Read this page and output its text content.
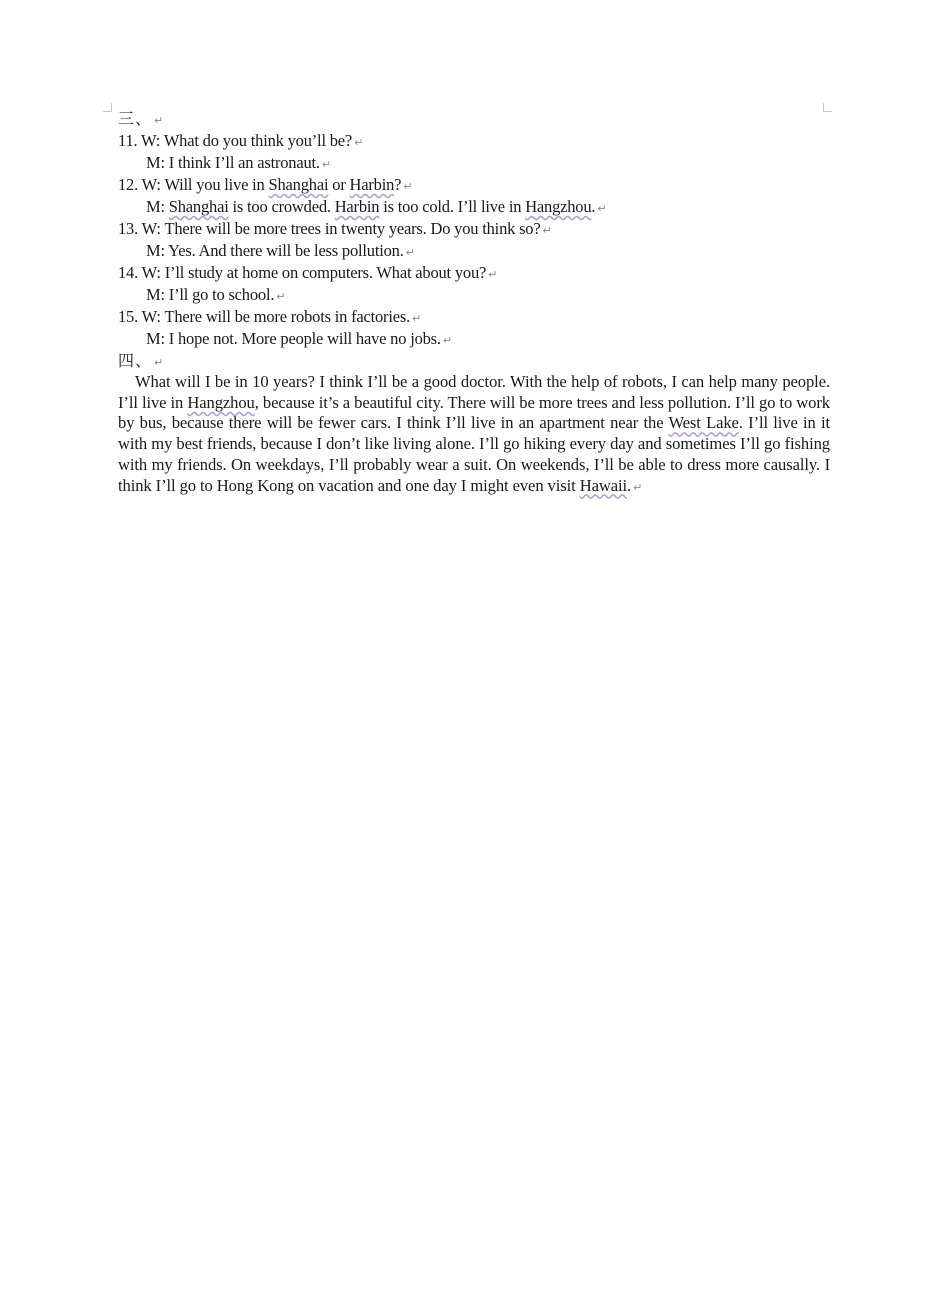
三、 ↵
11. W: What do you think you’ll be? ↵
M: I think I’ll an astronaut. ↵
12. W: Will you live in Shanghai or Harbin? ↵
M: Shanghai is too crowded. Harbin is too cold. I’ll live in Hangzhou. ↵
13. W: There will be more trees in twenty years. Do you think so? ↵
M: Yes. And there will be less pollution. ↵
14. W: I’ll study at home on computers. What about you? ↵
M: I’ll go to school. ↵
15. W: There will be more robots in factories. ↵
M: I hope not. More people will have no jobs. ↵
四、 ↵

What will I be in 10 years? I think I’ll be a good doctor. With the help of robots, I can help many people. I’ll live in Hangzhou, because it’s a beautiful city. There will be more trees and less pollution. I’ll go to work by bus, because there will be fewer cars. I think I’ll live in an apartment near the West Lake. I’ll live in it with my best friends, because I don’t like living alone. I’ll go hiking every day and sometimes I’ll go fishing with my friends. On weekdays, I’ll probably wear a suit. On weekends, I’ll be able to dress more causally. I think I’ll go to Hong Kong on vacation and one day I might even visit Hawaii. ↵
